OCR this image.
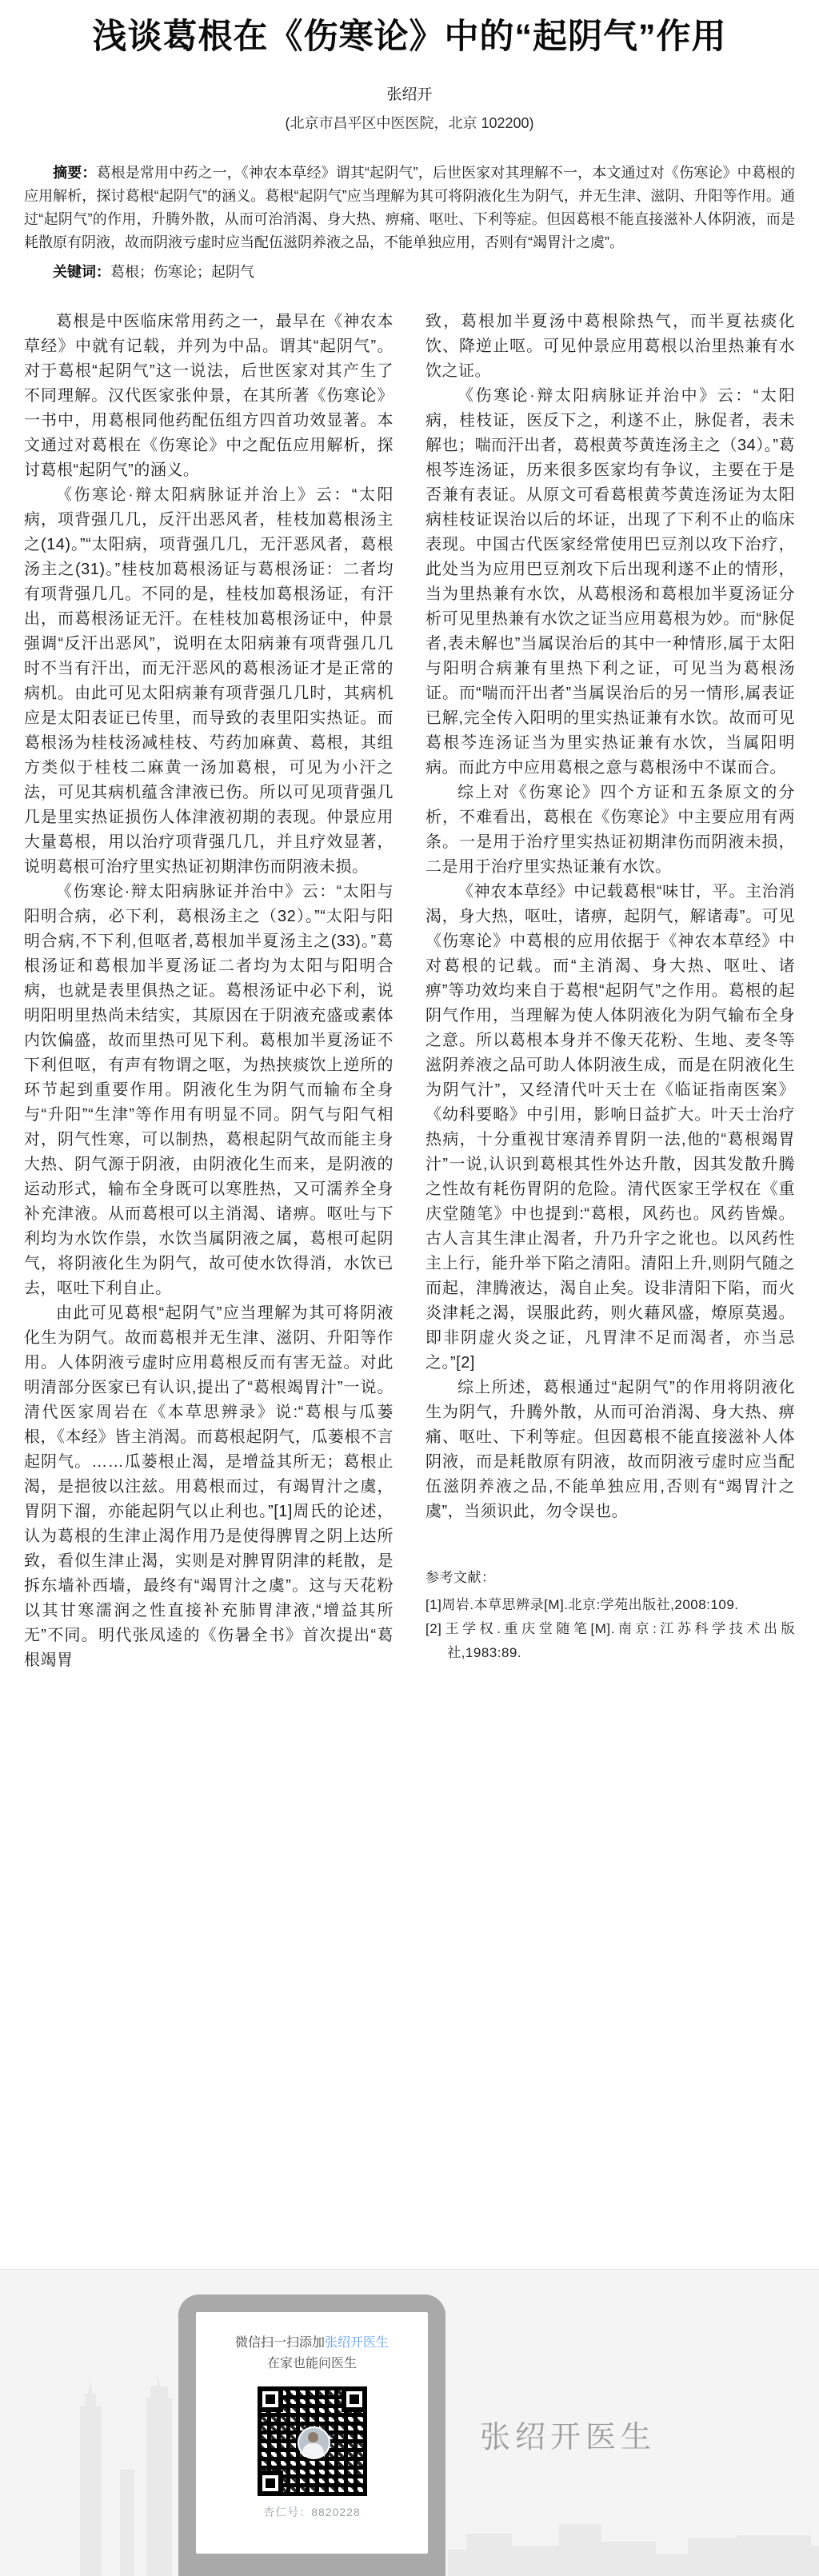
浅谈葛根在《伤寒论》中的“起阴气”作用
张绍开
(北京市昌平区中医医院，北京 102200)

摘要：葛根是常用中药之一，《神农本草经》谓其“起阴气”，后世医家对其理解不一，本文通过对《伤寒论》中葛根的应用解析，探讨葛根“起阴气”的涵义。葛根“起阴气”应当理解为其可将阴液化生为阴气，并无生津、滋阴、升阳等作用。通过“起阴气”的作用，升腾外散，从而可治消渴、身大热、痹痛、呕吐、下利等症。但因葛根不能直接滋补人体阴液，而是耗散原有阴液，故而阴液亏虚时应当配伍滋阴养液之品，不能单独应用，否则有“竭胃汁之虞”。

关键词：葛根；伤寒论；起阴气

葛根是中医临床常用药之一，最早在《神农本草经》中就有记载，并列为中品。谓其“起阴气”。对于葛根“起阴气”这一说法，后世医家对其产生了不同理解。汉代医家张仲景，在其所著《伤寒论》一书中，用葛根同他药配伍组方四首功效显著。本文通过对葛根在《伤寒论》中之配伍应用解析，探讨葛根“起阴气”的涵义。

《伤寒论·辩太阳病脉证并治上》云：“太阳病，项背强几几，反汗出恶风者，桂枝加葛根汤主之(14)。”“太阳病，项背强几几，无汗恶风者，葛根汤主之(31)。”桂枝加葛根汤证与葛根汤证：二者均有项背强几几。不同的是，桂枝加葛根汤证，有汗出，而葛根汤证无汗。在桂枝加葛根汤证中，仲景强调“反汗出恶风”，说明在太阳病兼有项背强几几时不当有汗出，而无汗恶风的葛根汤证才是正常的病机。由此可见太阳病兼有项背强几几时，其病机应是太阳表证已传里，而导致的表里阳实热证。而葛根汤为桂枝汤减桂枝、芍药加麻黄、葛根，其组方类似于桂枝二麻黄一汤加葛根，可见为小汗之法，可见其病机蕴含津液已伤。所以可见项背强几几是里实热证损伤人体津液初期的表现。仲景应用大量葛根，用以治疗项背强几几，并且疗效显著，说明葛根可治疗里实热证初期津伤而阴液未损。

《伤寒论·辩太阳病脉证并治中》云：“太阳与阳明合病，必下利，葛根汤主之（32）。”“太阳与阳明合病,不下利,但呕者,葛根加半夏汤主之(33)。”葛根汤证和葛根加半夏汤证二者均为太阳与阳明合病，也就是表里俱热之证。葛根汤证中必下利，说明阳明里热尚未结实，其原因在于阴液充盛或素体内饮偏盛，故而里热可见下利。葛根加半夏汤证不下利但呕，有声有物谓之呕，为热挟痰饮上逆所的环节起到重要作用。阴液化生为阴气而输布全身与“升阳”“生津”等作用有明显不同。阴气与阳气相对，阴气性寒，可以制热，葛根起阴气故而能主身大热、阴气源于阴液，由阴液化生而来，是阴液的运动形式，输布全身既可以寒胜热，又可濡养全身补充津液。从而葛根可以主消渴、诸痹。呕吐与下利均为水饮作祟，水饮当属阴液之属，葛根可起阴气，将阴液化生为阴气，故可使水饮得消，水饮已去，呕吐下利自止。

由此可见葛根“起阴气”应当理解为其可将阴液化生为阴气。故而葛根并无生津、滋阴、升阳等作用。人体阴液亏虚时应用葛根反而有害无益。对此明清部分医家已有认识,提出了“葛根竭胃汁”一说。清代医家周岩在《本草思辨录》说:“葛根与瓜蒌根，《本经》皆主消渴。而葛根起阴气，瓜蒌根不言起阴气。……瓜蒌根止渴，是增益其所无；葛根止渴，是挹彼以注兹。用葛根而过，有竭胃汁之虞，胃阴下溜，亦能起阴气以止利也。”[1]周氏的论述，认为葛根的生津止渴作用乃是使得脾胃之阴上达所致，看似生津止渴，实则是对脾胃阴津的耗散，是拆东墙补西墙，最终有“竭胃汁之虞”。这与天花粉以其甘寒濡润之性直接补充肺胃津液,“增益其所无”不同。明代张凤逵的《伤暑全书》首次提出“葛根竭胃

致，葛根加半夏汤中葛根除热气，而半夏祛痰化饮、降逆止呕。可见仲景应用葛根以治里热兼有水饮之证。

《伤寒论·辩太阳病脉证并治中》云：“太阳病，桂枝证，医反下之，利遂不止，脉促者，表未解也；喘而汗出者，葛根黄芩黄连汤主之（34）。”葛根芩连汤证，历来很多医家均有争议，主要在于是否兼有表证。从原文可看葛根黄芩黄连汤证为太阳病桂枝证误治以后的坏证，出现了下利不止的临床表现。中国古代医家经常使用巴豆剂以攻下治疗，此处当为应用巴豆剂攻下后出现利遂不止的情形，当为里热兼有水饮，从葛根汤和葛根加半夏汤证分析可见里热兼有水饮之证当应用葛根为妙。而“脉促者,表未解也”当属误治后的其中一种情形,属于太阳与阳明合病兼有里热下利之证，可见当为葛根汤证。而“喘而汗出者”当属误治后的另一情形,属表证已解,完全传入阳明的里实热证兼有水饮。故而可见葛根芩连汤证当为里实热证兼有水饮，当属阳明病。而此方中应用葛根之意与葛根汤中不谋而合。

综上对《伤寒论》四个方证和五条原文的分析，不难看出，葛根在《伤寒论》中主要应用有两条。一是用于治疗里实热证初期津伤而阴液未损，二是用于治疗里实热证兼有水饮。

《神农本草经》中记载葛根“味甘，平。主治消渴，身大热，呕吐，诸痹，起阴气，解诸毒”。可见《伤寒论》中葛根的应用依据于《神农本草经》中对葛根的记载。而“主消渴、身大热、呕吐、诸痹”等功效均来自于葛根“起阴气”之作用。葛根的起阴气作用，当理解为使人体阴液化为阴气输布全身之意。所以葛根本身并不像天花粉、生地、麦冬等滋阴养液之品可助人体阴液生成，而是在阴液化生为阴气汁”，又经清代叶天士在《临证指南医案》《幼科要略》中引用，影响日益扩大。叶天士治疗热病，十分重视甘寒清养胃阴一法,他的“葛根竭胃汁”一说,认识到葛根其性外达升散，因其发散升腾之性故有耗伤胃阴的危险。清代医家王学权在《重庆堂随笔》中也提到:“葛根，风药也。风药皆燥。古人言其生津止渴者，升乃升字之讹也。以风药性主上行，能升举下陷之清阳。清阳上升,则阴气随之而起，津腾液达，渴自止矣。设非清阳下陷，而火炎津耗之渴，误服此药，则火藉风盛，燎原莫遏。即非阴虚火炎之证，凡胃津不足而渴者，亦当忌之。”[2]

综上所述，葛根通过“起阴气”的作用将阴液化生为阴气，升腾外散，从而可治消渴、身大热、痹痛、呕吐、下利等症。但因葛根不能直接滋补人体阴液，而是耗散原有阴液，故而阴液亏虚时应当配伍滋阴养液之品,不能单独应用,否则有“竭胃汁之虞”，当须识此，勿令误也。

参考文献：

[1]周岩.本草思辨录[M].北京:学苑出版社,2008:109.

[2]王学权.重庆堂随笔[M].南京:江苏科学技术出版社,1983:89.

微信扫一扫添加张绍开医生
在家也能问医生
杏仁号：8820228
张绍开医生
